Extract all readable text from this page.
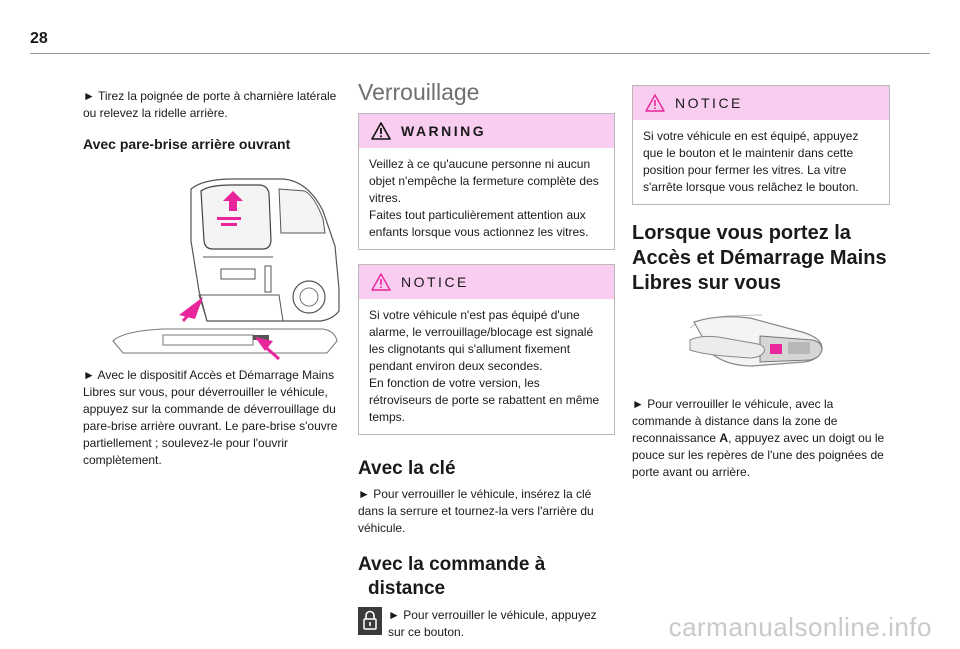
28

► Tirez la poignée de porte à charnière latérale ou relevez la ridelle arrière.

Avec pare-brise arrière ouvrant

► Avec le dispositif Accès et Démarrage Mains Libres sur vous, pour déverrouiller le véhicule, appuyez sur la commande de déverrouillage du pare-brise arrière ouvrant. Le pare-brise s'ouvre partiellement ; soulevez-le pour l'ouvrir complètement.

Verrouillage

WARNING

Veillez à ce qu'aucune personne ni aucun objet n'empêche la fermeture complète des vitres.
Faites tout particulièrement attention aux enfants lorsque vous actionnez les vitres.

NOTICE

Si votre véhicule n'est pas équipé d'une alarme, le verrouillage/blocage est signalé les clignotants qui s'allument fixement pendant environ deux secondes.
En fonction de votre version, les rétroviseurs de porte se rabattent en même temps.

Avec la clé

► Pour verrouiller le véhicule, insérez la clé dans la serrure et tournez-la vers l'arrière du véhicule.

Avec la commande à
distance

► Pour verrouiller le véhicule, appuyez sur ce bouton.

NOTICE

Si votre véhicule en est équipé, appuyez que le bouton et le maintenir dans cette position pour fermer les vitres. La vitre s'arrête lorsque vous relâchez le bouton.

Lorsque vous portez la
Accès et Démarrage Mains
Libres sur vous

► Pour verrouiller le véhicule, avec la commande à distance dans la zone de reconnaissance A, appuyez avec un doigt ou le pouce sur les repères de l'une des poignées de porte avant ou arrière.

carmanualsonline.info
